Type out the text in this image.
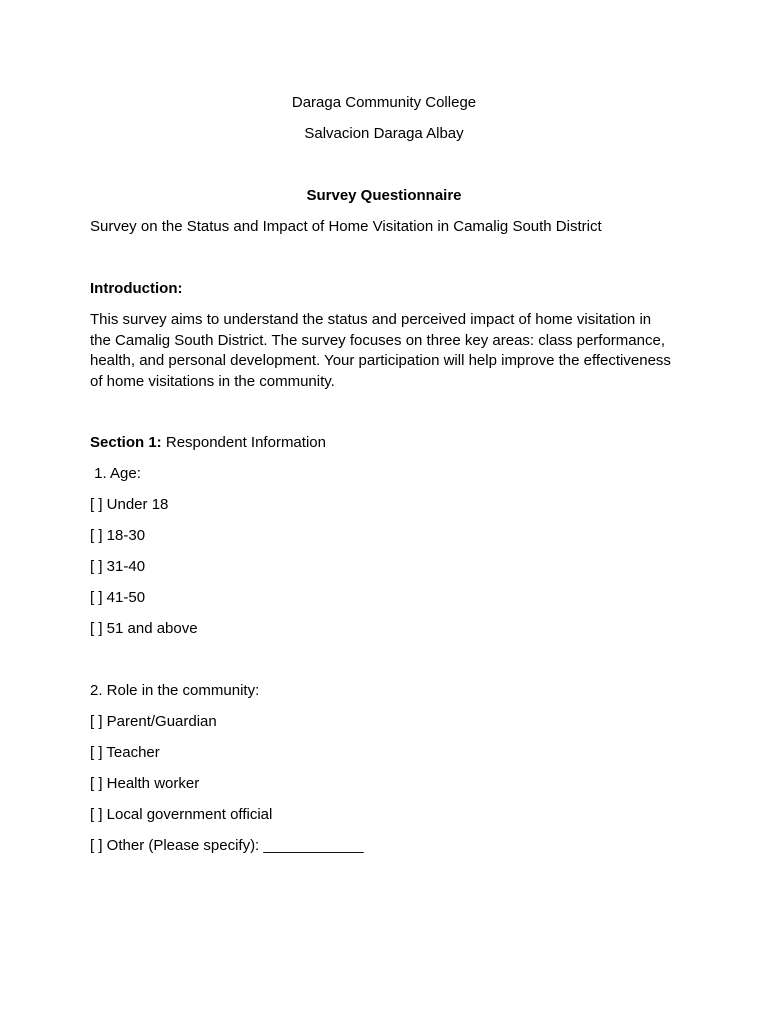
Daraga Community College
Salvacion Daraga Albay
Survey Questionnaire
Survey on the Status and Impact of Home Visitation in Camalig South District
Introduction:
This survey aims to understand the status and perceived impact of home visitation in
the Camalig South District. The survey focuses on three key areas: class performance,
health, and personal development. Your participation will help improve the effectiveness
of home visitations in the community.
Section 1: Respondent Information
1. Age:
[ ] Under 18
[ ] 18-30
[ ] 31-40
[ ] 41-50
[ ] 51 and above
2. Role in the community:
[ ] Parent/Guardian
[ ] Teacher
[ ] Health worker
[ ] Local government official
[ ] Other (Please specify): ____________
